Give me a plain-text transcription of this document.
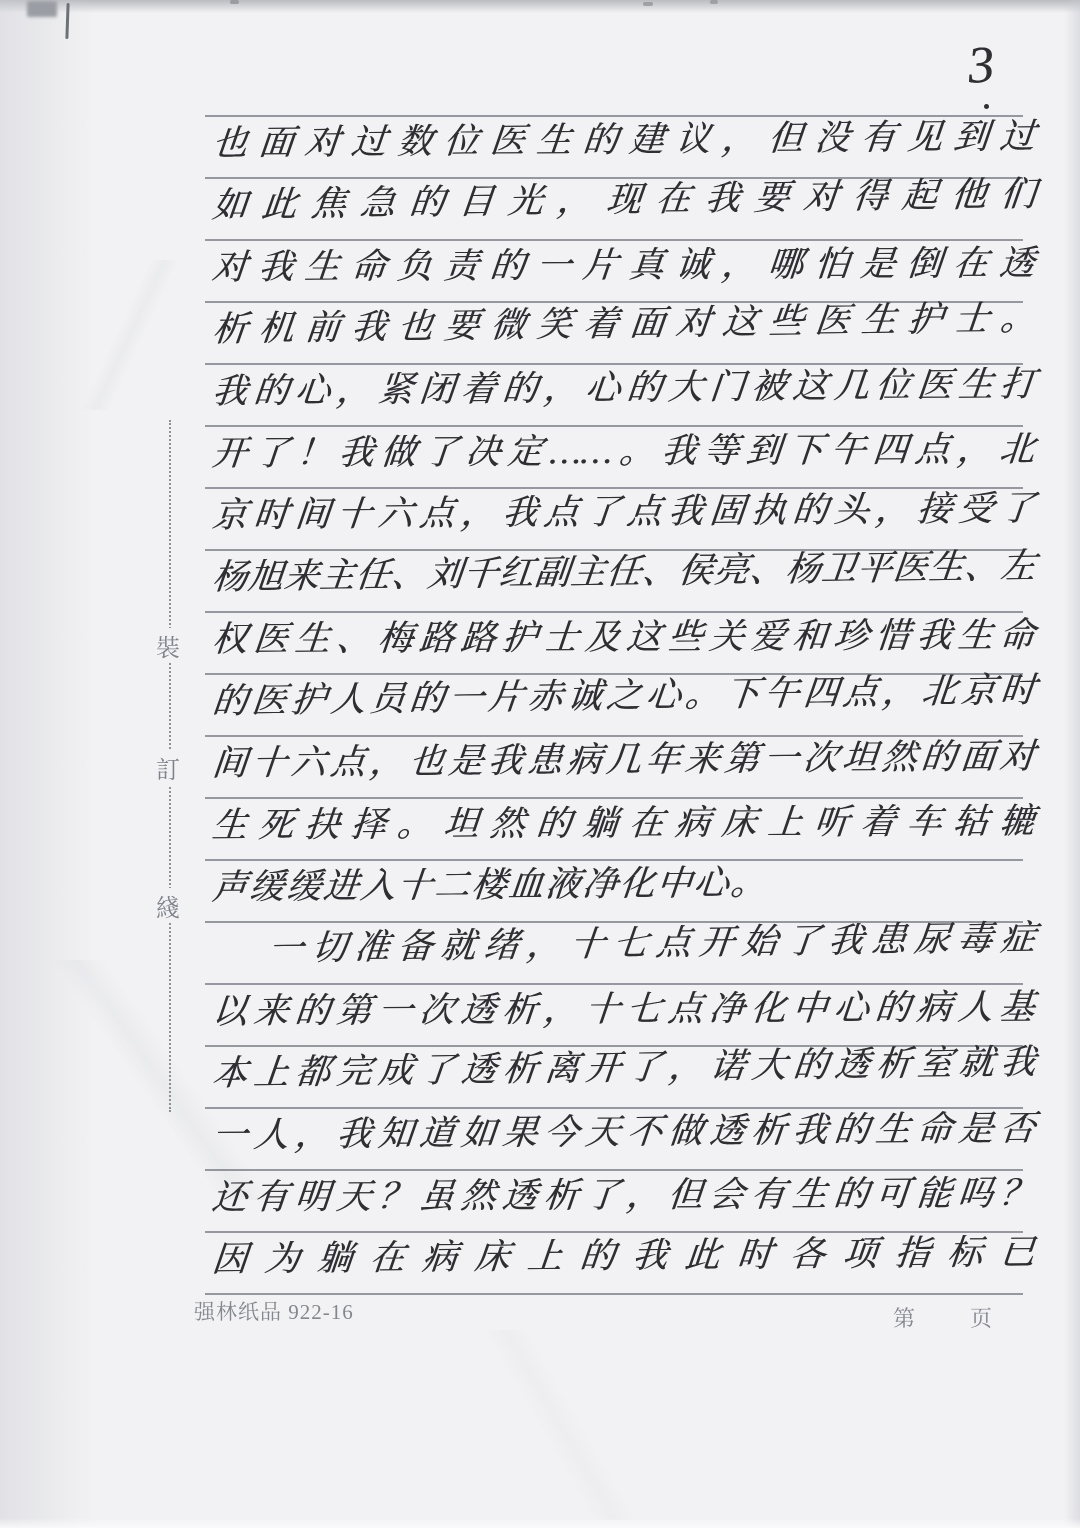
3
裝
訂
綫
也面对过数位医生的建议，但没有见到过
如此焦急的目光，现在我要对得起他们
对我生命负责的一片真诚，哪怕是倒在透
析机前我也要微笑着面对这些医生护士。
我的心，紧闭着的，心的大门被这几位医生打
开了！我做了决定……。我等到下午四点，北
京时间十六点，我点了点我固执的头，接受了
杨旭来主任、刘千红副主任、侯亮、杨卫平医生、左
权医生、梅路路护士及这些关爱和珍惜我生命
的医护人员的一片赤诚之心。下午四点，北京时
间十六点，也是我患病几年来第一次坦然的面对
生死抉择。坦然的躺在病床上听着车轱辘
声缓缓进入十二楼血液净化中心。
一切准备就绪，十七点开始了我患尿毒症
以来的第一次透析，十七点净化中心的病人基
本上都完成了透析离开了，诺大的透析室就我
一人，我知道如果今天不做透析我的生命是否
还有明天？虽然透析了，但会有生的可能吗？
因为躺在病床上的我此时各项指标已
强林纸品 922-16	第 页
